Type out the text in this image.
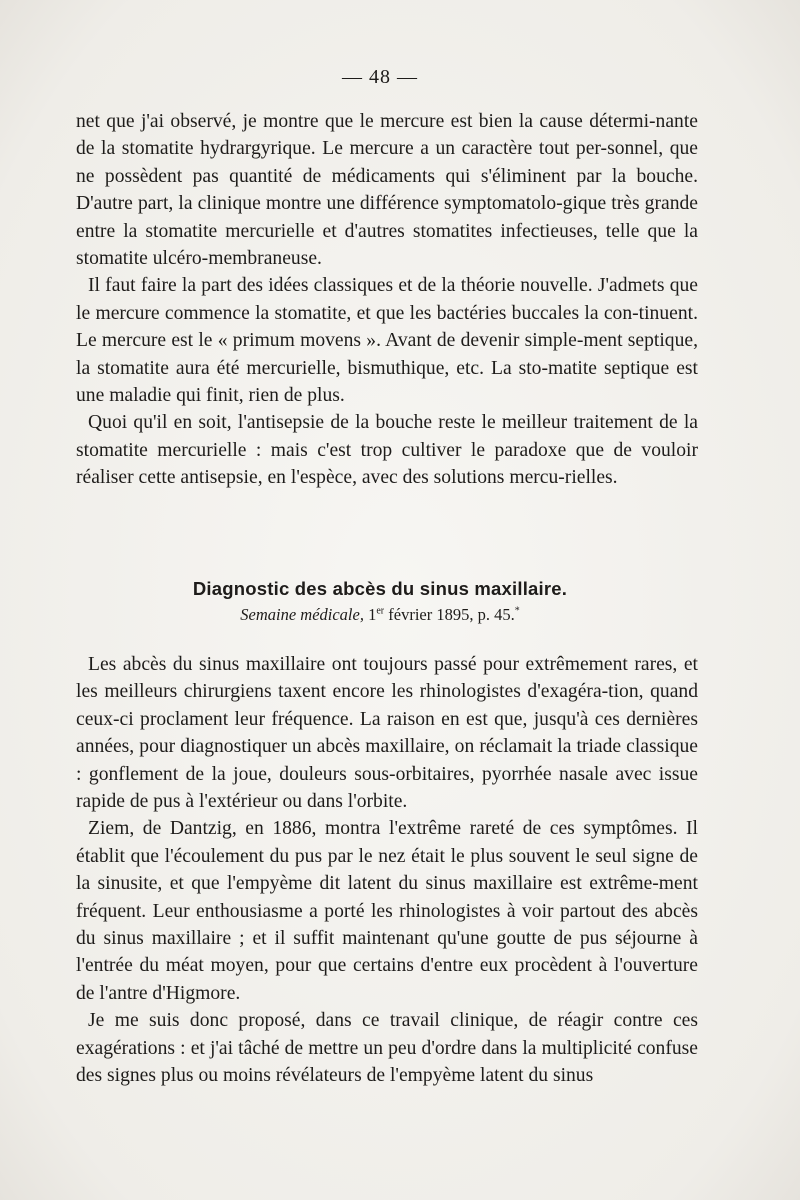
— 48 —

net que j'ai observé, je montre que le mercure est bien la cause détermi-nante de la stomatite hydrargyrique. Le mercure a un caractère tout per-sonnel, que ne possèdent pas quantité de médicaments qui s'éliminent par la bouche. D'autre part, la clinique montre une différence symptomatolo-gique très grande entre la stomatite mercurielle et d'autres stomatites infectieuses, telle que la stomatite ulcéro-membraneuse.

Il faut faire la part des idées classiques et de la théorie nouvelle. J'admets que le mercure commence la stomatite, et que les bactéries buccales la con-tinuent. Le mercure est le « primum movens ». Avant de devenir simple-ment septique, la stomatite aura été mercurielle, bismuthique, etc. La sto-matite septique est une maladie qui finit, rien de plus.

Quoi qu'il en soit, l'antisepsie de la bouche reste le meilleur traitement de la stomatite mercurielle : mais c'est trop cultiver le paradoxe que de vouloir réaliser cette antisepsie, en l'espèce, avec des solutions mercu-rielles.

Diagnostic des abcès du sinus maxillaire.
Semaine médicale, 1er février 1895, p. 45.*

Les abcès du sinus maxillaire ont toujours passé pour extrêmement rares, et les meilleurs chirurgiens taxent encore les rhinologistes d'exagéra-tion, quand ceux-ci proclament leur fréquence. La raison en est que, jusqu'à ces dernières années, pour diagnostiquer un abcès maxillaire, on réclamait la triade classique : gonflement de la joue, douleurs sous-orbitaires, pyorrhée nasale avec issue rapide de pus à l'extérieur ou dans l'orbite.

Ziem, de Dantzig, en 1886, montra l'extrême rareté de ces symptômes. Il établit que l'écoulement du pus par le nez était le plus souvent le seul signe de la sinusite, et que l'empyème dit latent du sinus maxillaire est extrême-ment fréquent. Leur enthousiasme a porté les rhinologistes à voir partout des abcès du sinus maxillaire ; et il suffit maintenant qu'une goutte de pus séjourne à l'entrée du méat moyen, pour que certains d'entre eux procèdent à l'ouverture de l'antre d'Higmore.

Je me suis donc proposé, dans ce travail clinique, de réagir contre ces exagérations : et j'ai tâché de mettre un peu d'ordre dans la multiplicité confuse des signes plus ou moins révélateurs de l'empyème latent du sinus
